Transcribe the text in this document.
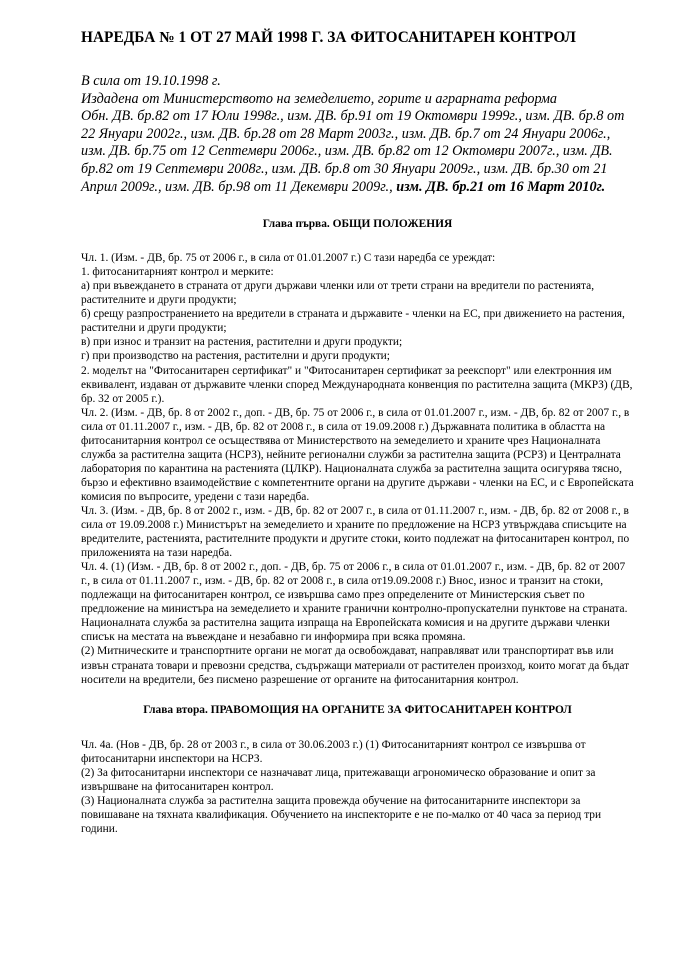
НАРЕДБА № 1 ОТ 27 МАЙ 1998 Г. ЗА ФИТОСАНИТАРЕН КОНТРОЛ
В сила от 19.10.1998 г.
Издадена от Министерството на земеделието, горите и аграрната реформа
Обн. ДВ. бр.82 от 17 Юли 1998г., изм. ДВ. бр.91 от 19 Октомври 1999г., изм. ДВ. бр.8 от 22 Януари 2002г., изм. ДВ. бр.28 от 28 Март 2003г., изм. ДВ. бр.7 от 24 Януари 2006г., изм. ДВ. бр.75 от 12 Септември 2006г., изм. ДВ. бр.82 от 12 Октомври 2007г., изм. ДВ. бр.82 от 19 Септември 2008г., изм. ДВ. бр.8 от 30 Януари 2009г., изм. ДВ. бр.30 от 21 Април 2009г., изм. ДВ. бр.98 от 11 Декември 2009г., изм. ДВ. бр.21 от 16 Март 2010г.
Глава първа. ОБЩИ ПОЛОЖЕНИЯ

Чл. 1. (Изм. - ДВ, бр. 75 от 2006 г., в сила от 01.01.2007 г.) С тази наредба се уреждат:

1. фитосанитарният контрол и мерките:

а) при въвеждането в страната от други държави членки или от трети страни на вредители по растенията, растителните и други продукти;

б) срещу разпространението на вредители в страната и държавите - членки на ЕС, при движението на растения, растителни и други продукти;

в) при износ и транзит на растения, растителни и други продукти;

г) при производство на растения, растителни и други продукти;

2. моделът на "Фитосанитарен сертификат" и "Фитосанитарен сертификат за реекспорт" или електронния им еквивалент, издаван от държавите членки според Международната конвенция по растителна защита (МКРЗ) (ДВ, бр. 32 от 2005 г.).

Чл. 2. (Изм. - ДВ, бр. 8 от 2002 г., доп. - ДВ, бр. 75 от 2006 г., в сила от 01.01.2007 г., изм. - ДВ, бр. 82 от 2007 г., в сила от 01.11.2007 г., изм. - ДВ, бр. 82 от 2008 г., в сила от 19.09.2008 г.) Държавната политика в областта на фитосанитарния контрол се осъществява от Министерството на земеделието и храните чрез Националната служба за растителна защита (НСРЗ), нейните регионални служби за растителна защита (РСРЗ) и Централната лаборатория по карантина на растенията (ЦЛКР). Националната служба за растителна защита осигурява тясно, бързо и ефективно взаимодействие с компетентните органи на другите държави - членки на ЕС, и с Европейската комисия по въпросите, уредени с тази наредба.

Чл. 3. (Изм. - ДВ, бр. 8 от 2002 г., изм. - ДВ, бр. 82 от 2007 г., в сила от 01.11.2007 г., изм. - ДВ, бр. 82 от 2008 г., в сила от 19.09.2008 г.) Министърът на земеделието и храните по предложение на НСРЗ утвърждава списъците на вредителите, растенията, растителните продукти и другите стоки, които подлежат на фитосанитарен контрол, по приложенията на тази наредба.

Чл. 4. (1) (Изм. - ДВ, бр. 8 от 2002 г., доп. - ДВ, бр. 75 от 2006 г., в сила от 01.01.2007 г., изм. - ДВ, бр. 82 от 2007 г., в сила от 01.11.2007 г., изм. - ДВ, бр. 82 от 2008 г., в сила от19.09.2008 г.) Внос, износ и транзит на стоки, подлежащи на фитосанитарен контрол, се извършва само през определените от Министерския съвет по предложение на министъра на земеделието и храните гранични контролно-пропускателни пунктове на страната. Националната служба за растителна защита изпраща на Европейската комисия и на другите държави членки списък на местата на въвеждане и незабавно ги информира при всяка промяна.

(2) Митническите и транспортните органи не могат да освобождават, направляват или транспортират във или извън страната товари и превозни средства, съдържащи материали от растителен произход, които могат да бъдат носители на вредители, без писмено разрешение от органите на фитосанитарния контрол.

Глава втора. ПРАВОМОЩИЯ НА ОРГАНИТЕ ЗА ФИТОСАНИТАРЕН КОНТРОЛ

Чл. 4а. (Нов - ДВ, бр. 28 от 2003 г., в сила от 30.06.2003 г.) (1) Фитосанитарният контрол се извършва от фитосанитарни инспектори на НСРЗ.

(2) За фитосанитарни инспектори се назначават лица, притежаващи агрономическо образование и опит за извършване на фитосанитарен контрол.

(3) Националната служба за растителна защита провежда обучение на фитосанитарните инспектори за повишаване на тяхната квалификация. Обучението на инспекторите е не по-малко от 40 часа за период три години.
